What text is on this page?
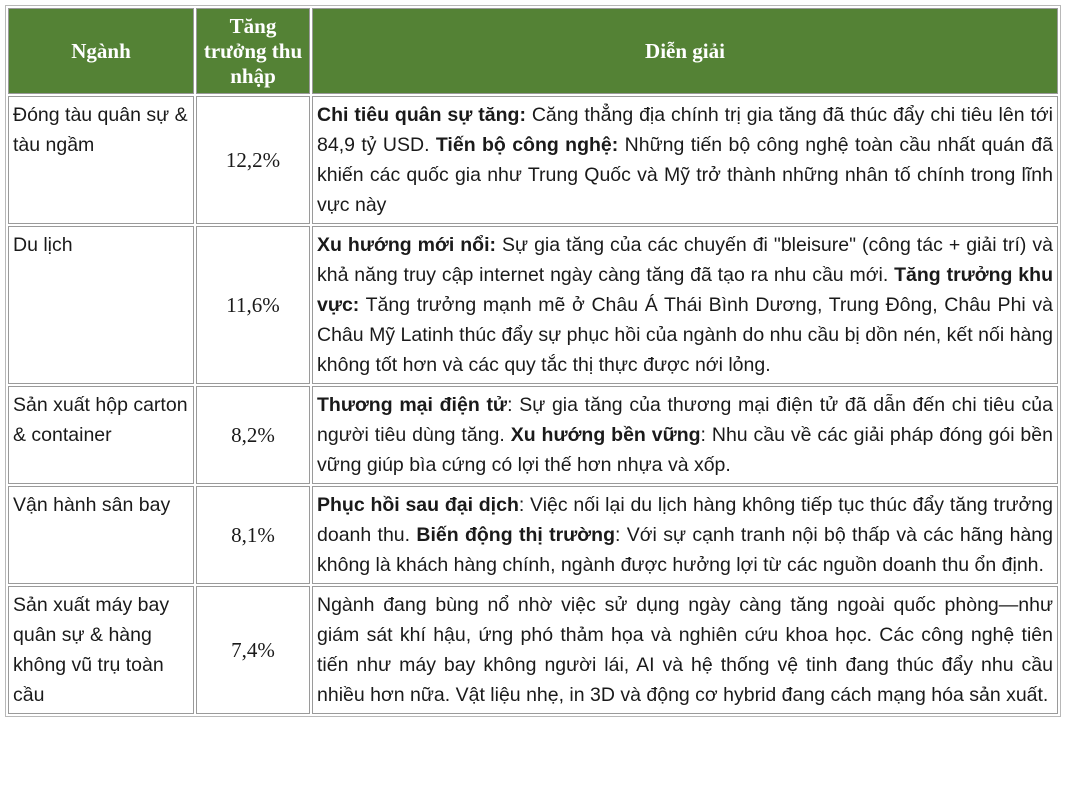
Ngành	Tăng trưởng thu nhập	Diễn giải
Đóng tàu quân sự & tàu ngầm	12,2%	Chi tiêu quân sự tăng: Căng thẳng địa chính trị gia tăng đã thúc đẩy chi tiêu lên tới 84,9 tỷ USD. Tiến bộ công nghệ: Những tiến bộ công nghệ toàn cầu nhất quán đã khiến các quốc gia như Trung Quốc và Mỹ trở thành những nhân tố chính trong lĩnh vực này
Du lịch	11,6%	Xu hướng mới nổi: Sự gia tăng của các chuyến đi "bleisure" (công tác + giải trí) và khả năng truy cập internet ngày càng tăng đã tạo ra nhu cầu mới. Tăng trưởng khu vực: Tăng trưởng mạnh mẽ ở Châu Á Thái Bình Dương, Trung Đông, Châu Phi và Châu Mỹ Latinh thúc đẩy sự phục hồi của ngành do nhu cầu bị dồn nén, kết nối hàng không tốt hơn và các quy tắc thị thực được nới lỏng.
Sản xuất hộp carton & container	8,2%	Thương mại điện tử: Sự gia tăng của thương mại điện tử đã dẫn đến chi tiêu của người tiêu dùng tăng. Xu hướng bền vững: Nhu cầu về các giải pháp đóng gói bền vững giúp bìa cứng có lợi thế hơn nhựa và xốp.
Vận hành sân bay	8,1%	Phục hồi sau đại dịch: Việc nối lại du lịch hàng không tiếp tục thúc đẩy tăng trưởng doanh thu. Biến động thị trường: Với sự cạnh tranh nội bộ thấp và các hãng hàng không là khách hàng chính, ngành được hưởng lợi từ các nguồn doanh thu ổn định.
Sản xuất máy bay quân sự & hàng không vũ trụ toàn cầu	7,4%	Ngành đang bùng nổ nhờ việc sử dụng ngày càng tăng ngoài quốc phòng—như giám sát khí hậu, ứng phó thảm họa và nghiên cứu khoa học. Các công nghệ tiên tiến như máy bay không người lái, AI và hệ thống vệ tinh đang thúc đẩy nhu cầu nhiều hơn nữa. Vật liệu nhẹ, in 3D và động cơ hybrid đang cách mạng hóa sản xuất.
